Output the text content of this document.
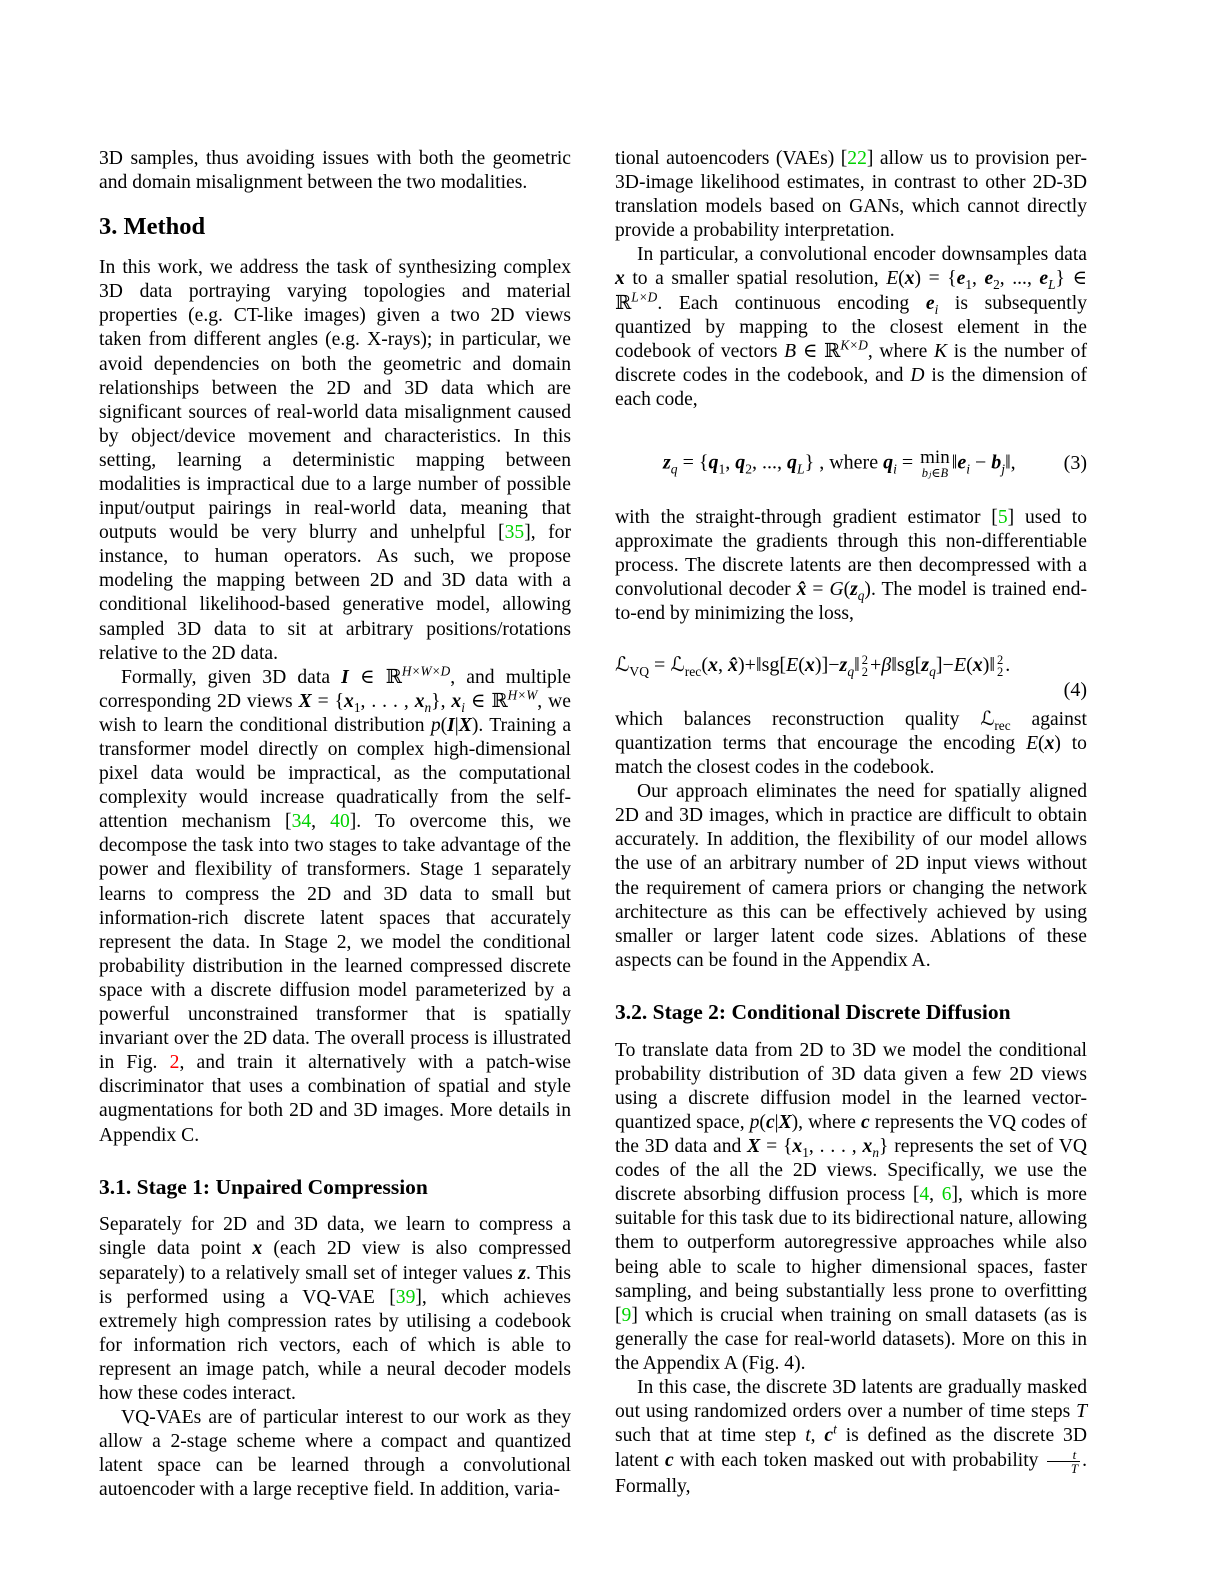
3D samples, thus avoiding issues with both the geometric and domain misalignment between the two modalities.

3. Method

In this work, we address the task of synthesizing complex 3D data portraying varying topologies and material properties (e.g. CT-like images) given a two 2D views taken from different angles (e.g. X-rays); in particular, we avoid dependencies on both the geometric and domain relationships between the 2D and 3D data which are significant sources of real-world data misalignment caused by object/device movement and characteristics. In this setting, learning a deterministic mapping between modalities is impractical due to a large number of possible input/output pairings in real-world data, meaning that outputs would be very blurry and unhelpful [35], for instance, to human operators. As such, we propose modeling the mapping between 2D and 3D data with a conditional likelihood-based generative model, allowing sampled 3D data to sit at arbitrary positions/rotations relative to the 2D data.

Formally, given 3D data I ∈ ℝ$^{H\times W\times D}$, and multiple corresponding 2D views $X = \{x_1$, . . . , $x_n$}, $x_i$ ∈ ℝ$^{H\times W}$, we wish to learn the conditional distribution p(I|X). Training a transformer model directly on complex high-dimensional pixel data would be impractical, as the computational complexity would increase quadratically from the self-attention mechanism [34, 40]. To overcome this, we decompose the task into two stages to take advantage of the power and flexibility of transformers. Stage 1 separately learns to compress the 2D and 3D data to small but information-rich discrete latent spaces that accurately represent the data. In Stage 2, we model the conditional probability distribution in the learned compressed discrete space with a discrete diffusion model parameterized by a powerful unconstrained transformer that is spatially invariant over the 2D data. The overall process is illustrated in Fig. 2, and train it alternatively with a patch-wise discriminator that uses a combination of spatial and style augmentations for both 2D and 3D images. More details in Appendix C.

3.1. Stage 1: Unpaired Compression

Separately for 2D and 3D data, we learn to compress a single data point x (each 2D view is also compressed separately) to a relatively small set of integer values z. This is performed using a VQ-VAE [39], which achieves extremely high compression rates by utilising a codebook for information rich vectors, each of which is able to represent an image patch, while a neural decoder models how these codes interact.

VQ-VAEs are of particular interest to our work as they allow a 2-stage scheme where a compact and quantized latent space can be learned through a convolutional autoencoder with a large receptive field. In addition, varia-

tional autoencoders (VAEs) [22] allow us to provision per-3D-image likelihood estimates, in contrast to other 2D-3D translation models based on GANs, which cannot directly provide a probability interpretation.

In particular, a convolutional encoder downsamples data x to a smaller spatial resolution, $E(x) = \{e_1$, $e_2$, ..., $e_L$} ∈ ℝ$^{L\times D}$. Each continuous encoding $e_i$ is subsequently quantized by mapping to the closest element in the codebook of vectors B ∈ ℝ$^{K\times D}$, where K is the number of discrete codes in the codebook, and D is the dimension of each code,

$z_q = \{q_1$, $q_2$, ..., $q_L$} , where $q_i = \min$
bⱼ∈B $‖e_i$ − $b_j‖$,	(3)

with the straight-through gradient estimator [5] used to approximate the gradients through this non-differentiable process. The discrete latents are then decompressed with a convolutional decoder x̂ = $G(z_q)$. The model is trained end-to-end by minimizing the loss,

ℒ$_{VQ}$ = ℒ$_{rec}$(x, $x̂)+‖sg[E(x)]-z_q‖$ 2
$2 +\beta‖sg[z_q]-E(x)‖$ 2
2 .
(4)

which balances reconstruction quality ℒ$_{rec}$ against quantization terms that encourage the encoding E(x) to match the closest codes in the codebook.

Our approach eliminates the need for spatially aligned 2D and 3D images, which in practice are difficult to obtain accurately. In addition, the flexibility of our model allows the use of an arbitrary number of 2D input views without the requirement of camera priors or changing the network architecture as this can be effectively achieved by using smaller or larger latent code sizes. Ablations of these aspects can be found in the Appendix A.

3.2. Stage 2: Conditional Discrete Diffusion

To translate data from 2D to 3D we model the conditional probability distribution of 3D data given a few 2D views using a discrete diffusion model in the learned vector-quantized space, p(c|X), where c represents the VQ codes of the 3D data and $X = \{x_1$, . . . , $x_n$} represents the set of VQ codes of the all the 2D views. Specifically, we use the discrete absorbing diffusion process [4, 6], which is more suitable for this task due to its bidirectional nature, allowing them to outperform autoregressive approaches while also being able to scale to higher dimensional spaces, faster sampling, and being substantially less prone to overfitting [9] which is crucial when training on small datasets (as is generally the case for real-world datasets). More on this in the Appendix A (Fig. 4).

In this case, the discrete 3D latents are gradually masked out using randomized orders over a number of time steps T such that at time step t, $c^t$ is defined as the discrete 3D latent c with each token masked out with probability $\frac{t}{T}$ . Formally,
